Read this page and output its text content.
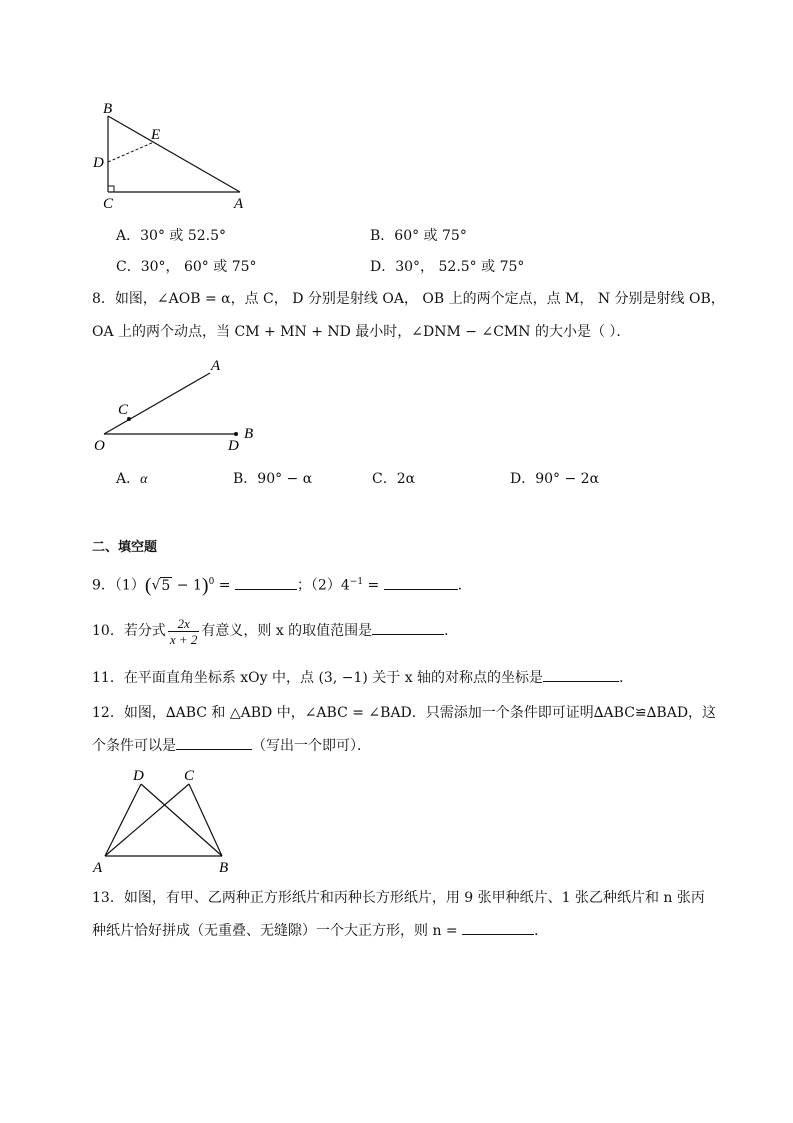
B
E
D
C	A
A．30° 或 52.5°	B．60° 或 75°
C．30°， 60° 或 75°	D．30°， 52.5° 或 75°
8．如图，∠AOB = α，点 C， D 分别是射线 OA， OB 上的两个定点，点 M， N 分别是射线 OB，
OA 上的两个动点，当 CM + MN + ND 最小时，∠DNM − ∠CMN 的大小是（ ）．
A
C
O	D
B
A．α	B．90° − α	C．2α	D．90° − 2α
二、填空题
9．$(1)(√5 - 1)^0$ =	；$(2)4^{-1}$ =	．
10．若分式 $\frac{2x}{x + 2}$ 有意义，则 x 的取值范围是	．
11．在平面直角坐标系 xOy 中，点 (3, −1) 关于 x 轴的对称点的坐标是	．
12．如图，∆ABC 和 △ABD 中，∠ABC = ∠BAD．只需添加一个条件即可证明∆ABC≌∆BAD，这
个条件可以是	（写出一个即可）．
D	C
A	B
13．如图，有甲、乙两种正方形纸片和丙种长方形纸片，用 9 张甲种纸片、1 张乙种纸片和 n 张丙
种纸片恰好拼成（无重叠、无缝隙）一个大正方形，则 n =	．
